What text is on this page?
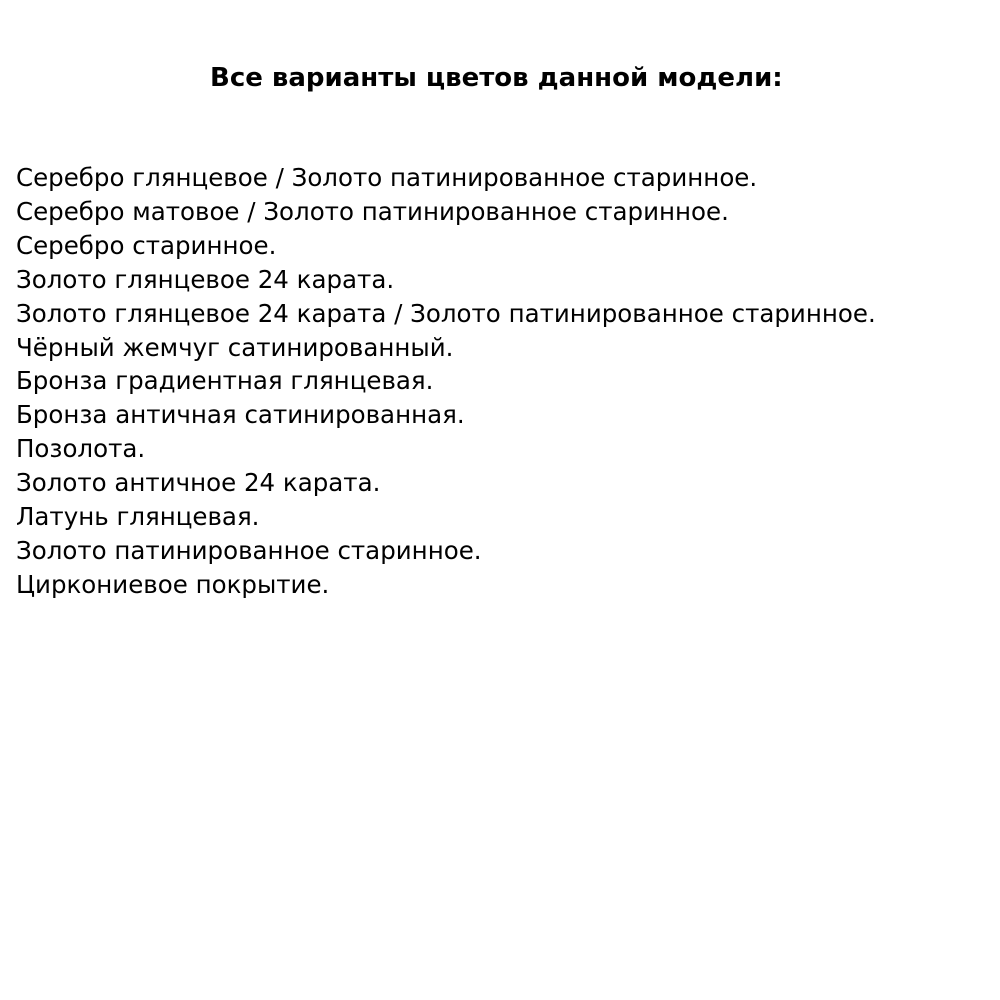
Все варианты цветов данной модели:
Серебро глянцевое / Золото патинированное старинное.
Серебро матовое / Золото патинированное старинное.
Серебро старинное.
Золото глянцевое 24 карата.
Золото глянцевое 24 карата / Золото патинированное старинное.
Чёрный жемчуг сатинированный.
Бронза градиентная глянцевая.
Бронза античная сатинированная.
Позолота.
Золото античное 24 карата.
Латунь глянцевая.
Золото патинированное старинное.
Циркониевое покрытие.
